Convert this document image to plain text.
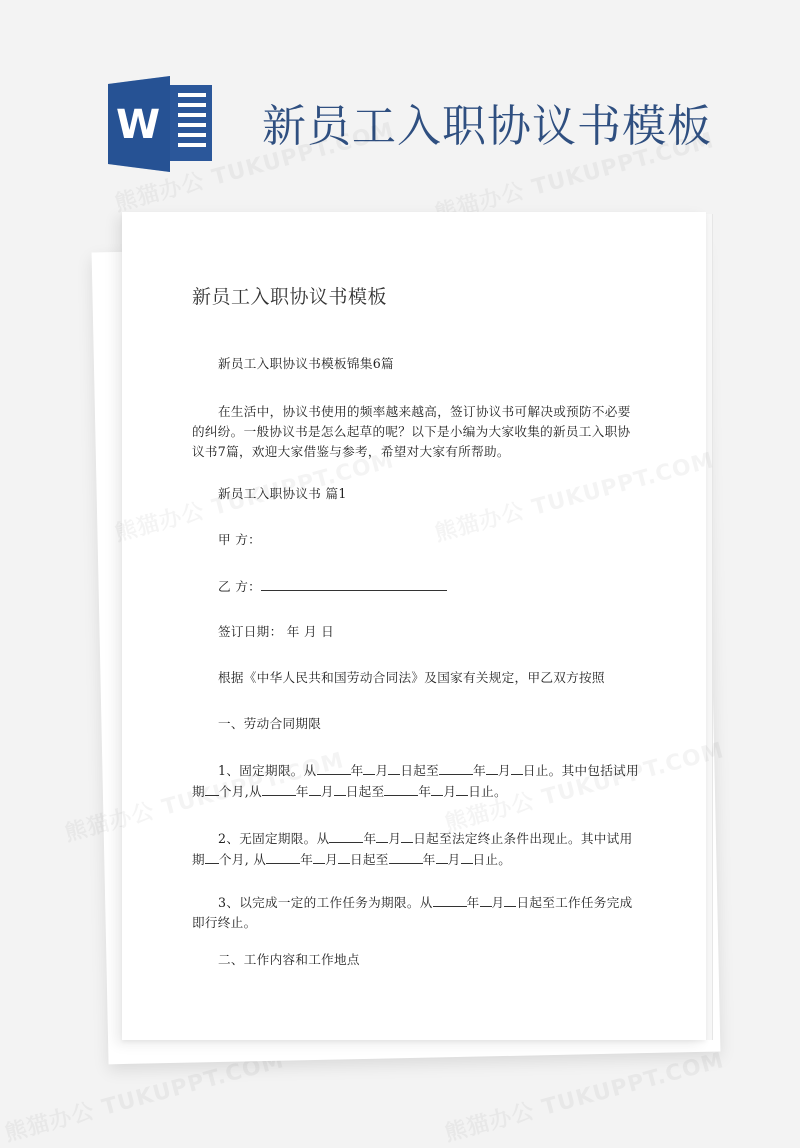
W 新员工入职协议书模板
新员工入职协议书模板
新员工入职协议书模板锦集6篇
在生活中，协议书使用的频率越来越高，签订协议书可解决或预防不必要的纠纷。一般协议书是怎么起草的呢？以下是小编为大家收集的新员工入职协议书7篇，欢迎大家借鉴与参考，希望对大家有所帮助。
新员工入职协议书 篇1
甲 方：
乙 方：
签订日期： 年 月 日
根据《中华人民共和国劳动合同法》及国家有关规定，甲乙双方按照
一、劳动合同期限
1、固定期限。从	年 月 日起至	年 月 日止。其中包括试用期 个月,从	年 月 日起至	年 月 日止。
2、无固定期限。从	年 月 日起至法定终止条件出现止。其中试用期 个月, 从	年 月 日起至	年 月 日止。
3、以完成一定的工作任务为期限。从	年 月 日起至工作任务完成即行终止。
二、工作内容和工作地点
